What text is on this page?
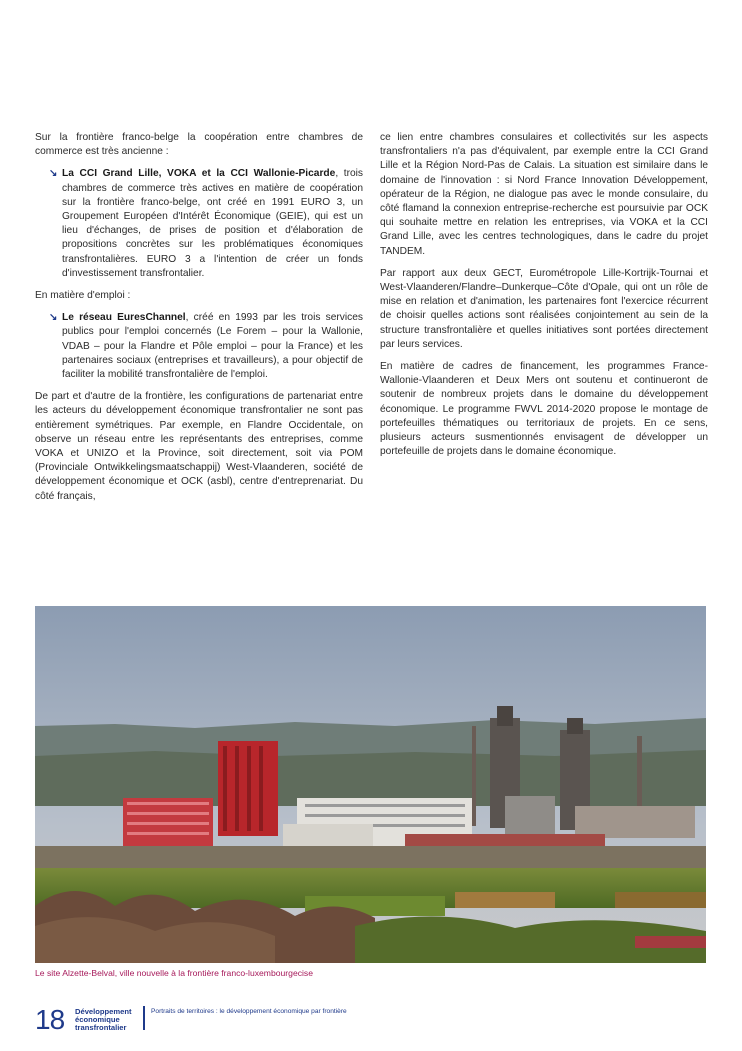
Sur la frontière franco-belge la coopération entre chambres de commerce est très ancienne :

↘ La CCI Grand Lille, VOKA et la CCI Wallonie-Picarde, trois chambres de commerce très actives en matière de coopération sur la frontière franco-belge, ont créé en 1991 EURO 3, un Groupement Européen d'Intérêt Économique (GEIE), qui est un lieu d'échanges, de prises de position et d'élaboration de propositions concrètes sur les problématiques économiques transfrontalières. EURO 3 a l'intention de créer un fonds d'investissement transfrontalier.

En matière d'emploi :

↘ Le réseau EuresChannel, créé en 1993 par les trois services publics pour l'emploi concernés (Le Forem – pour la Wallonie, VDAB – pour la Flandre et Pôle emploi – pour la France) et les partenaires sociaux (entreprises et travailleurs), a pour objectif de faciliter la mobilité transfrontalière de l'emploi.

De part et d'autre de la frontière, les configurations de partenariat entre les acteurs du développement économique transfrontalier ne sont pas entièrement symétriques. Par exemple, en Flandre Occidentale, on observe un réseau entre les représentants des entreprises, comme VOKA et UNIZO et la Province, soit directement, soit via POM (Provinciale Ontwikkelingsmaatschappij) West-Vlaanderen, société de développement économique et OCK (asbl), centre d'entreprenariat. Du côté français,

ce lien entre chambres consulaires et collectivités sur les aspects transfrontaliers n'a pas d'équivalent, par exemple entre la CCI Grand Lille et la Région Nord-Pas de Calais. La situation est similaire dans le domaine de l'innovation : si Nord France Innovation Développement, opérateur de la Région, ne dialogue pas avec le monde consulaire, du côté flamand la connexion entreprise-recherche est poursuivie par OCK qui souhaite mettre en relation les entreprises, via VOKA et la CCI Grand Lille, avec les centres technologiques, dans le cadre du projet TANDEM.

Par rapport aux deux GECT, Eurométropole Lille-Kortrijk-Tournai et West-Vlaanderen/Flandre–Dunkerque–Côte d'Opale, qui ont un rôle de mise en relation et d'animation, les partenaires font l'exercice récurrent de choisir quelles actions sont réalisées conjointement au sein de la structure transfrontalière et quelles initiatives sont portées directement par leurs services.

En matière de cadres de financement, les programmes France-Wallonie-Vlaanderen et Deux Mers ont soutenu et continueront de soutenir de nombreux projets dans le domaine du développement économique. Le programme FWVL 2014-2020 propose le montage de portefeuilles thématiques ou territoriaux de projets. En ce sens, plusieurs acteurs susmentionnés envisagent de développer un portefeuille de projets dans le domaine économique.

Le site Alzette-Belval, ville nouvelle à la frontière franco-luxembourgecise
18 Développement
économique
transfrontalier
Portraits de territoires : le développement économique par frontière
